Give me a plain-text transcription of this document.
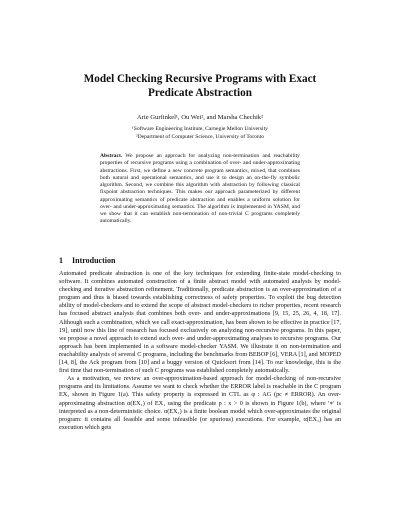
Model Checking Recursive Programs with Exact
Predicate Abstraction
Arie Gurfinkel¹, Ou Wei², and Marsha Chechik²
¹Software Engineering Institute, Carnegie Mellon University
²Department of Computer Science, University of Toronto
Abstract. We propose an approach for analyzing non-termination and reachability properties of recursive programs using a combination of over- and under-approximating abstractions. First, we define a new concrete program semantics, mixed, that combines both natural and operational semantics, and use it to design an on-the-fly symbolic algorithm. Second, we combine this algorithm with abstraction by following classical fixpoint abstraction techniques. This makes our approach parameterized by different approximating semantics of predicate abstraction and enables a uniform solution for over- and under-approximating semantics. The algorithm is implemented in YASM, and we show that it can establish non-termination of non-trivial C programs completely automatically.
1 Introduction

Automated predicate abstraction is one of the key techniques for extending finite-state model-checking to software. It combines automated construction of a finite abstract model with automated analysis by model-checking and iterative abstraction refinement. Traditionally, predicate abstraction is an over-approximation of a program and thus is biased towards establishing correctness of safety properties. To exploit the bug detection ability of model-checkers and to extend the scope of abstract model-checkers to richer properties, recent research has focused abstract analysis that combines both over- and under-approximations [9, 15, 25, 26, 4, 18, 17]. Although such a combination, which we call exact-approximation, has been shown to be effective in practice [17, 19], until now this line of research has focused exclusively on analyzing non-recursive programs. In this paper, we propose a novel approach to extend such over- and under-approximating analyses to recursive programs. Our approach has been implemented in a software model-checker YASM. We illustrate it on non-termination and reachability analysis of several C programs, including the benchmarks from BEBOP [6], VERA [1], and MOPED [14, 8], the Ack program from [10] and a buggy version of Quicksort from [14]. To our knowledge, this is the first time that non-termination of such C programs was established completely automatically.

As a motivation, we review an over-approximation-based approach for model-checking of non-recursive programs and its limitations. Assume we want to check whether the ERROR label is reachable in the C program EX₁ shown in Figure 1(a). This safety property is expressed in CTL as φ : AG (pc ≠ ERROR). An over-approximating abstraction α(EX₁) of EX₁ using the predicate p : x > 0 is shown in Figure 1(b), where '∗' is interpreted as a non-deterministic choice. α(EX₁) is a finite boolean model which over-approximates the original program: it contains all feasible and some infeasible (or spurious) executions. For example, α(EX₁) has an execution which gets
